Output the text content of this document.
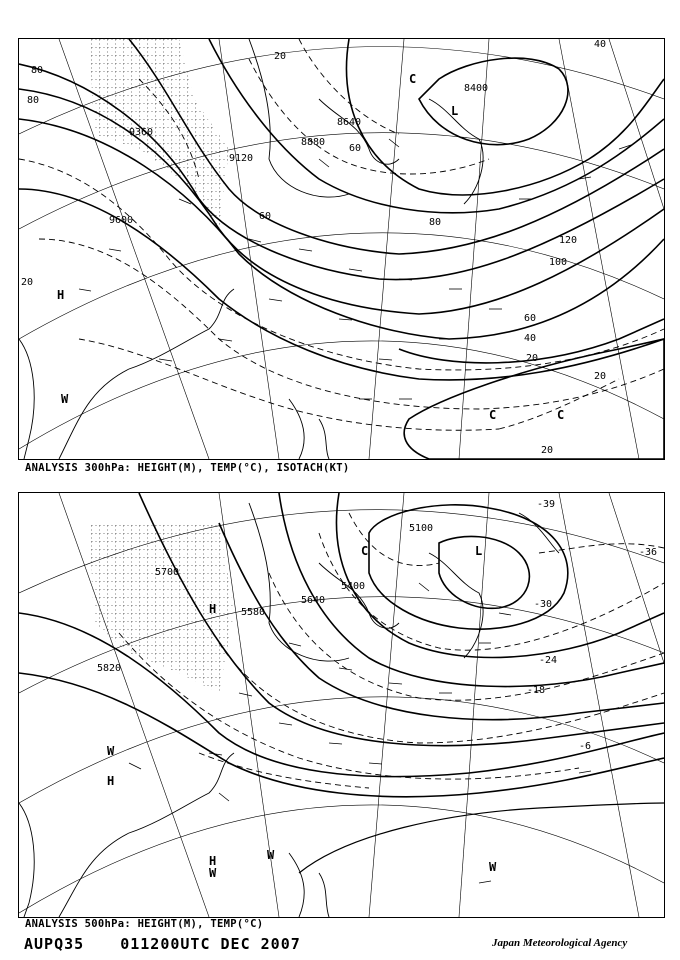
8400
8640
8880
9120
9360
9600
80
80
20
60
100
120
80
60
40
20
20
20
20
40
60
H
W
C	C
C
L
ANALYSIS 300hPa: HEIGHT(M), TEMP(°C), ISOTACH(KT)
5100
5400
5580
5700
5820
5640
-36
-30
-24
-18
-6
-39
L
C
H
W
H
H
W
W
W
ANALYSIS 500hPa: HEIGHT(M), TEMP(°C)
AUPQ35 011200UTC DEC 2007	Japan Meteorological Agency
